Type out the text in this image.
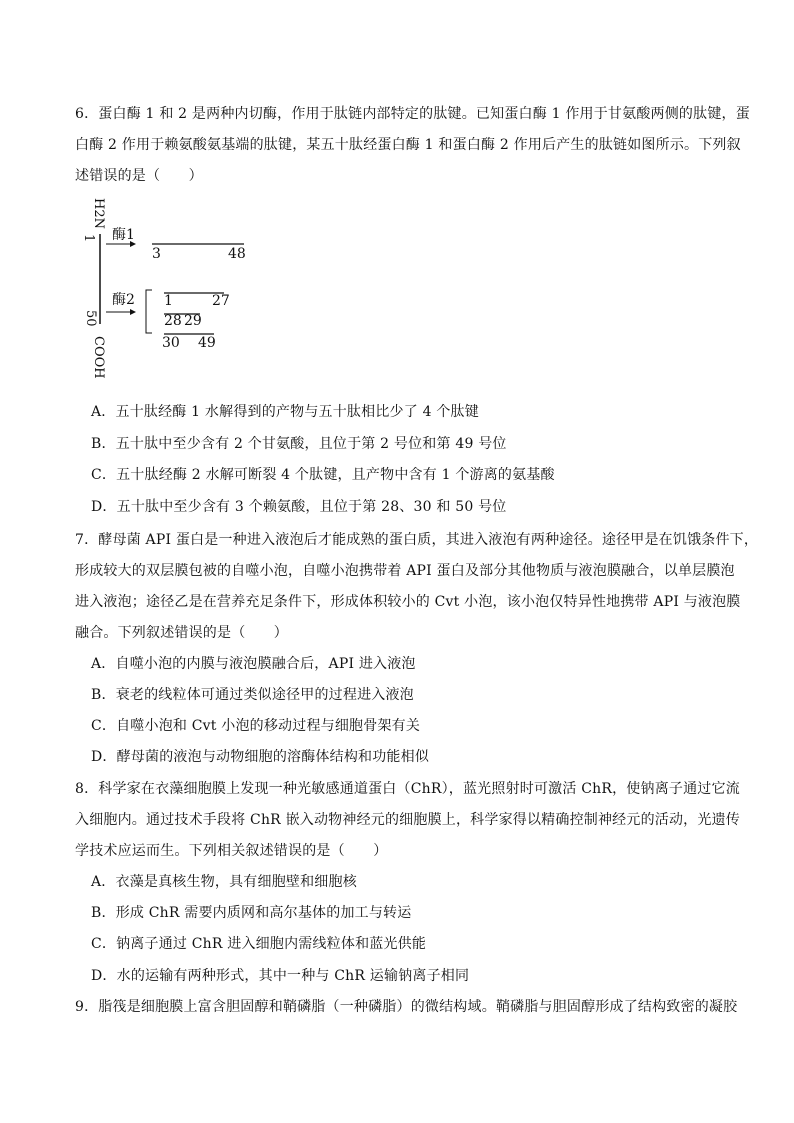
6．蛋白酶 1 和 2 是两种内切酶，作用于肽链内部特定的肽键。已知蛋白酶 1 作用于甘氨酸两侧的肽键，蛋
白酶 2 作用于赖氨酸氨基端的肽键，某五十肽经蛋白酶 1 和蛋白酶 2 作用后产生的肽链如图所示。下列叙
述错误的是（　　）
H2N
1
50
COOH
酶1
酶2
3	48
1	27
28 29
30 49
A．五十肽经酶 1 水解得到的产物与五十肽相比少了 4 个肽键
B．五十肽中至少含有 2 个甘氨酸，且位于第 2 号位和第 49 号位
C．五十肽经酶 2 水解可断裂 4 个肽键，且产物中含有 1 个游离的氨基酸
D．五十肽中至少含有 3 个赖氨酸，且位于第 28、30 和 50 号位
7．酵母菌 API 蛋白是一种进入液泡后才能成熟的蛋白质，其进入液泡有两种途径。途径甲是在饥饿条件下，
形成较大的双层膜包被的自噬小泡，自噬小泡携带着 API 蛋白及部分其他物质与液泡膜融合，以单层膜泡
进入液泡；途径乙是在营养充足条件下，形成体积较小的 Cvt 小泡，该小泡仅特异性地携带 API 与液泡膜
融合。下列叙述错误的是（　　）
A．自噬小泡的内膜与液泡膜融合后，API 进入液泡
B．衰老的线粒体可通过类似途径甲的过程进入液泡
C．自噬小泡和 Cvt 小泡的移动过程与细胞骨架有关
D．酵母菌的液泡与动物细胞的溶酶体结构和功能相似
8．科学家在衣藻细胞膜上发现一种光敏感通道蛋白（ChR），蓝光照射时可激活 ChR，使钠离子通过它流
入细胞内。通过技术手段将 ChR 嵌入动物神经元的细胞膜上，科学家得以精确控制神经元的活动，光遗传
学技术应运而生。下列相关叙述错误的是（　　）
A．衣藻是真核生物，具有细胞壁和细胞核
B．形成 ChR 需要内质网和高尔基体的加工与转运
C．钠离子通过 ChR 进入细胞内需线粒体和蓝光供能
D．水的运输有两种形式，其中一种与 ChR 运输钠离子相同
9．脂筏是细胞膜上富含胆固醇和鞘磷脂（一种磷脂）的微结构域。鞘磷脂与胆固醇形成了结构致密的凝胶
